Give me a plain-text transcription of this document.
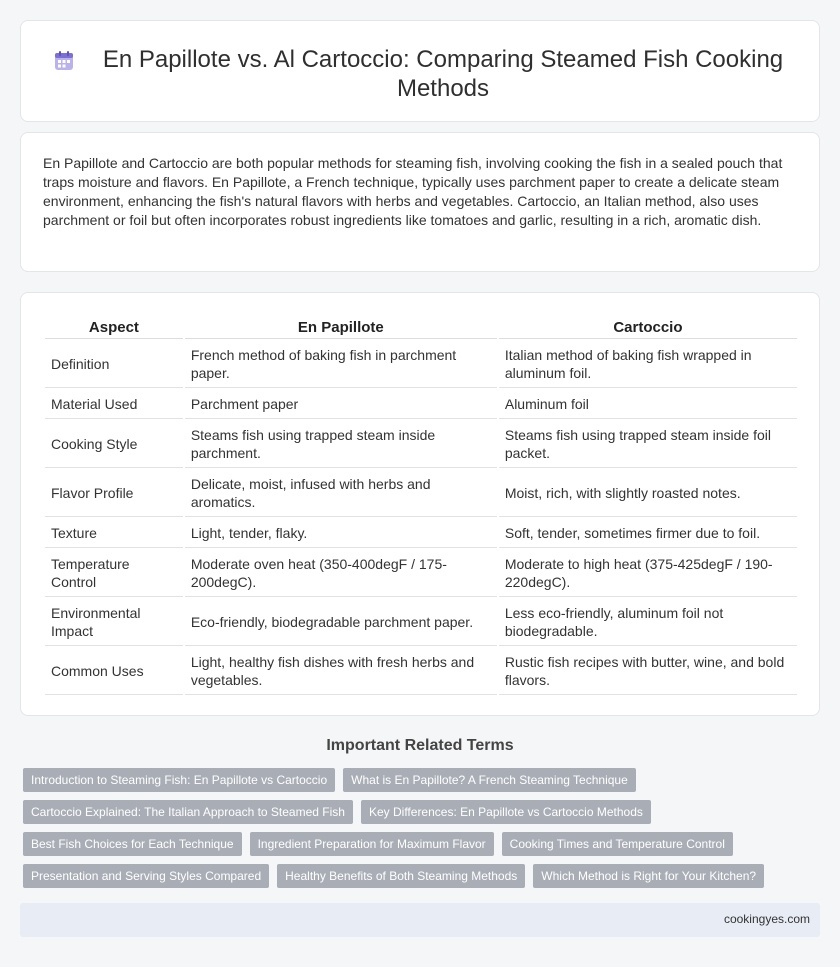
En Papillote vs. Al Cartoccio: Comparing Steamed Fish Cooking Methods

En Papillote and Cartoccio are both popular methods for steaming fish, involving cooking the fish in a sealed pouch that traps moisture and flavors. En Papillote, a French technique, typically uses parchment paper to create a delicate steam environment, enhancing the fish's natural flavors with herbs and vegetables. Cartoccio, an Italian method, also uses parchment or foil but often incorporates robust ingredients like tomatoes and garlic, resulting in a rich, aromatic dish.

Aspect	En Papillote	Cartoccio
Definition	French method of baking fish in parchment paper.	Italian method of baking fish wrapped in aluminum foil.
Material Used	Parchment paper	Aluminum foil
Cooking Style	Steams fish using trapped steam inside parchment.	Steams fish using trapped steam inside foil packet.
Flavor Profile	Delicate, moist, infused with herbs and aromatics.	Moist, rich, with slightly roasted notes.
Texture	Light, tender, flaky.	Soft, tender, sometimes firmer due to foil.
Temperature Control	Moderate oven heat (350-400degF / 175-200degC).	Moderate to high heat (375-425degF / 190-220degC).
Environmental Impact	Eco-friendly, biodegradable parchment paper.	Less eco-friendly, aluminum foil not biodegradable.
Common Uses	Light, healthy fish dishes with fresh herbs and vegetables.	Rustic fish recipes with butter, wine, and bold flavors.
Important Related Terms
Introduction to Steaming Fish: En Papillote vs Cartoccio	What is En Papillote? A French Steaming Technique
Cartoccio Explained: The Italian Approach to Steamed Fish	Key Differences: En Papillote vs Cartoccio Methods
Best Fish Choices for Each Technique	Ingredient Preparation for Maximum Flavor	Cooking Times and Temperature Control
Presentation and Serving Styles Compared	Healthy Benefits of Both Steaming Methods	Which Method is Right for Your Kitchen?
cookingyes.com
